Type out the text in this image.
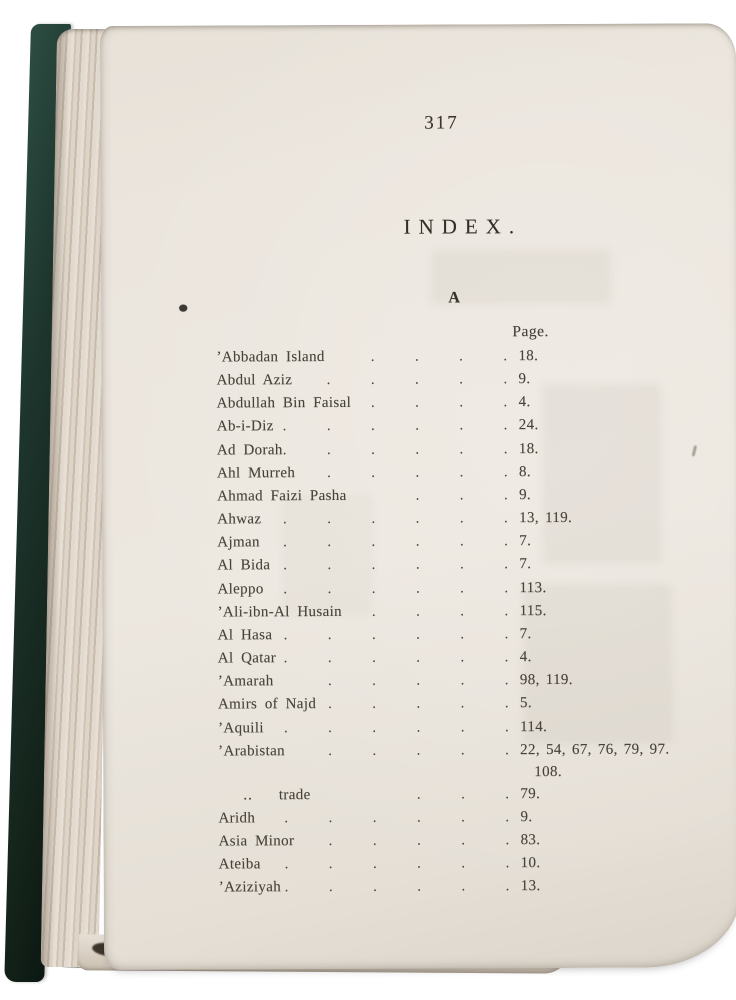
317
INDEX.
A
Page.
’Abbadan Island	. . . . 18.
Abdul Aziz	. . . . . 9.
Abdullah Bin Faisal	. . . . 4.
Ab-i-Diz . . . . . . 24.
Ad Dorah . . . . . . 18.
Ahl Murreh	. . . . . 8.
Ahmad Faizi Pasha	. . . 9.
Ahwaz	. . . . . . 13, 119.
Ajman	. . . . . . 7.
Al Bida . . . . . . 7.
Aleppo	. . . . . . 113.
’Ali-ibn-Al Husain	. . . . 115.
Al Hasa . . . . . . 7.
Al Qatar . . . . . . 4.
’Amarah	. . . . . 98, 119.
Amirs of Najd . . . . . 5.
’Aquili	. . . . . . 114.
’Arabistan	. . . . . 22, 54, 67, 76, 79, 97.
108.
.. trade	. . . 79.
Aridh	. . . . . . 9.
Asia Minor	. . . . . 83.
Ateiba	. . . . . . 10.
’Aziziyah . . . . . . 13.
